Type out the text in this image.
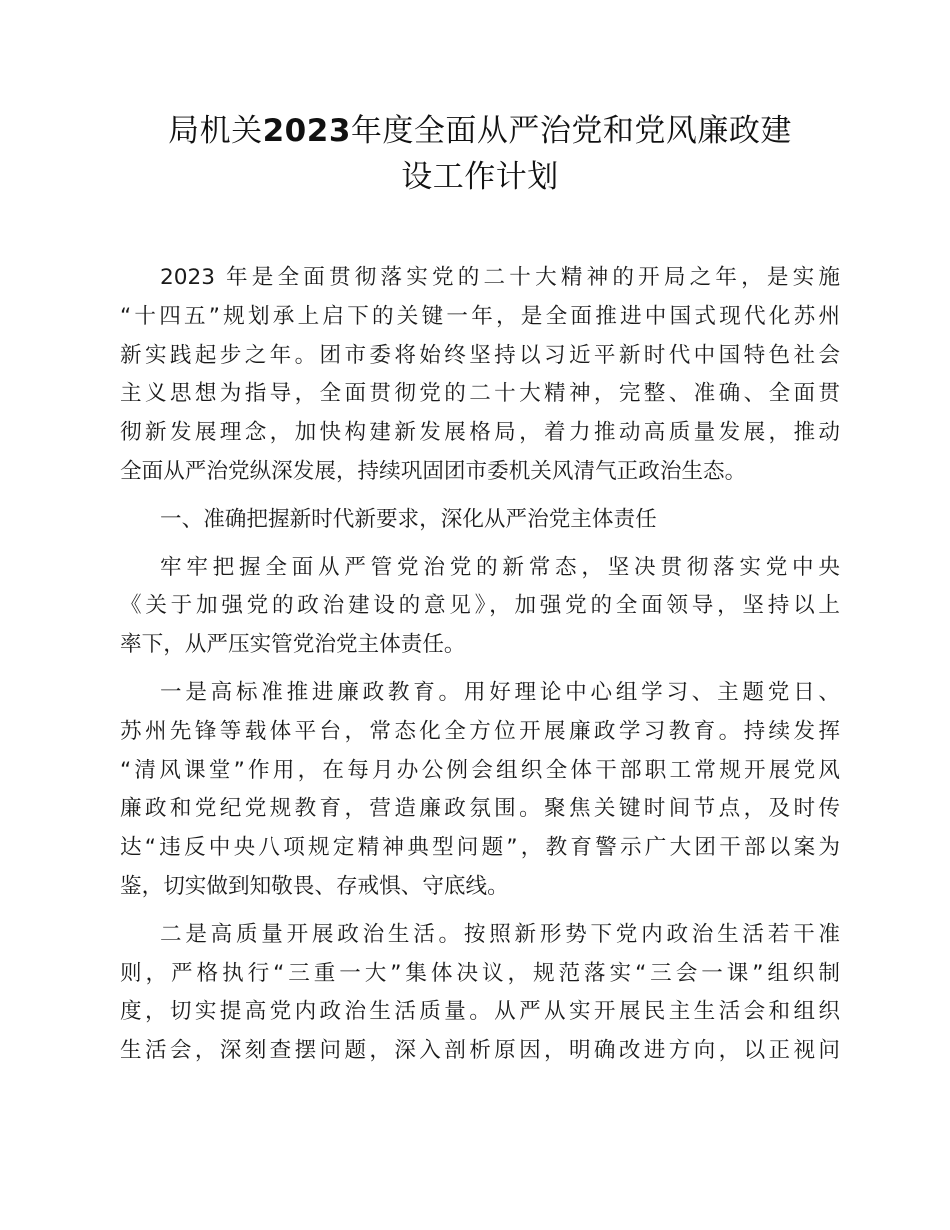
局机关2023年度全面从严治党和党风廉政建
设工作计划

2023 年是全面贯彻落实党的二十大精神的开局之年，是实施
“十四五”规划承上启下的关键一年，是全面推进中国式现代化苏州
新实践起步之年。团市委将始终坚持以习近平新时代中国特色社会
主义思想为指导，全面贯彻党的二十大精神，完整、准确、全面贯
彻新发展理念，加快构建新发展格局，着力推动高质量发展，推动
全面从严治党纵深发展，持续巩固团市委机关风清气正政治生态。

一、准确把握新时代新要求，深化从严治党主体责任

牢牢把握全面从严管党治党的新常态，坚决贯彻落实党中央
《关于加强党的政治建设的意见》，加强党的全面领导，坚持以上
率下，从严压实管党治党主体责任。

一是高标准推进廉政教育。用好理论中心组学习、主题党日、
苏州先锋等载体平台，常态化全方位开展廉政学习教育。持续发挥
“清风课堂”作用，在每月办公例会组织全体干部职工常规开展党风
廉政和党纪党规教育，营造廉政氛围。聚焦关键时间节点，及时传
达“违反中央八项规定精神典型问题”，教育警示广大团干部以案为
鉴，切实做到知敬畏、存戒惧、守底线。

二是高质量开展政治生活。按照新形势下党内政治生活若干准
则，严格执行“三重一大”集体决议，规范落实“三会一课”组织制
度，切实提高党内政治生活质量。从严从实开展民主生活会和组织
生活会，深刻查摆问题，深入剖析原因，明确改进方向，以正视问
